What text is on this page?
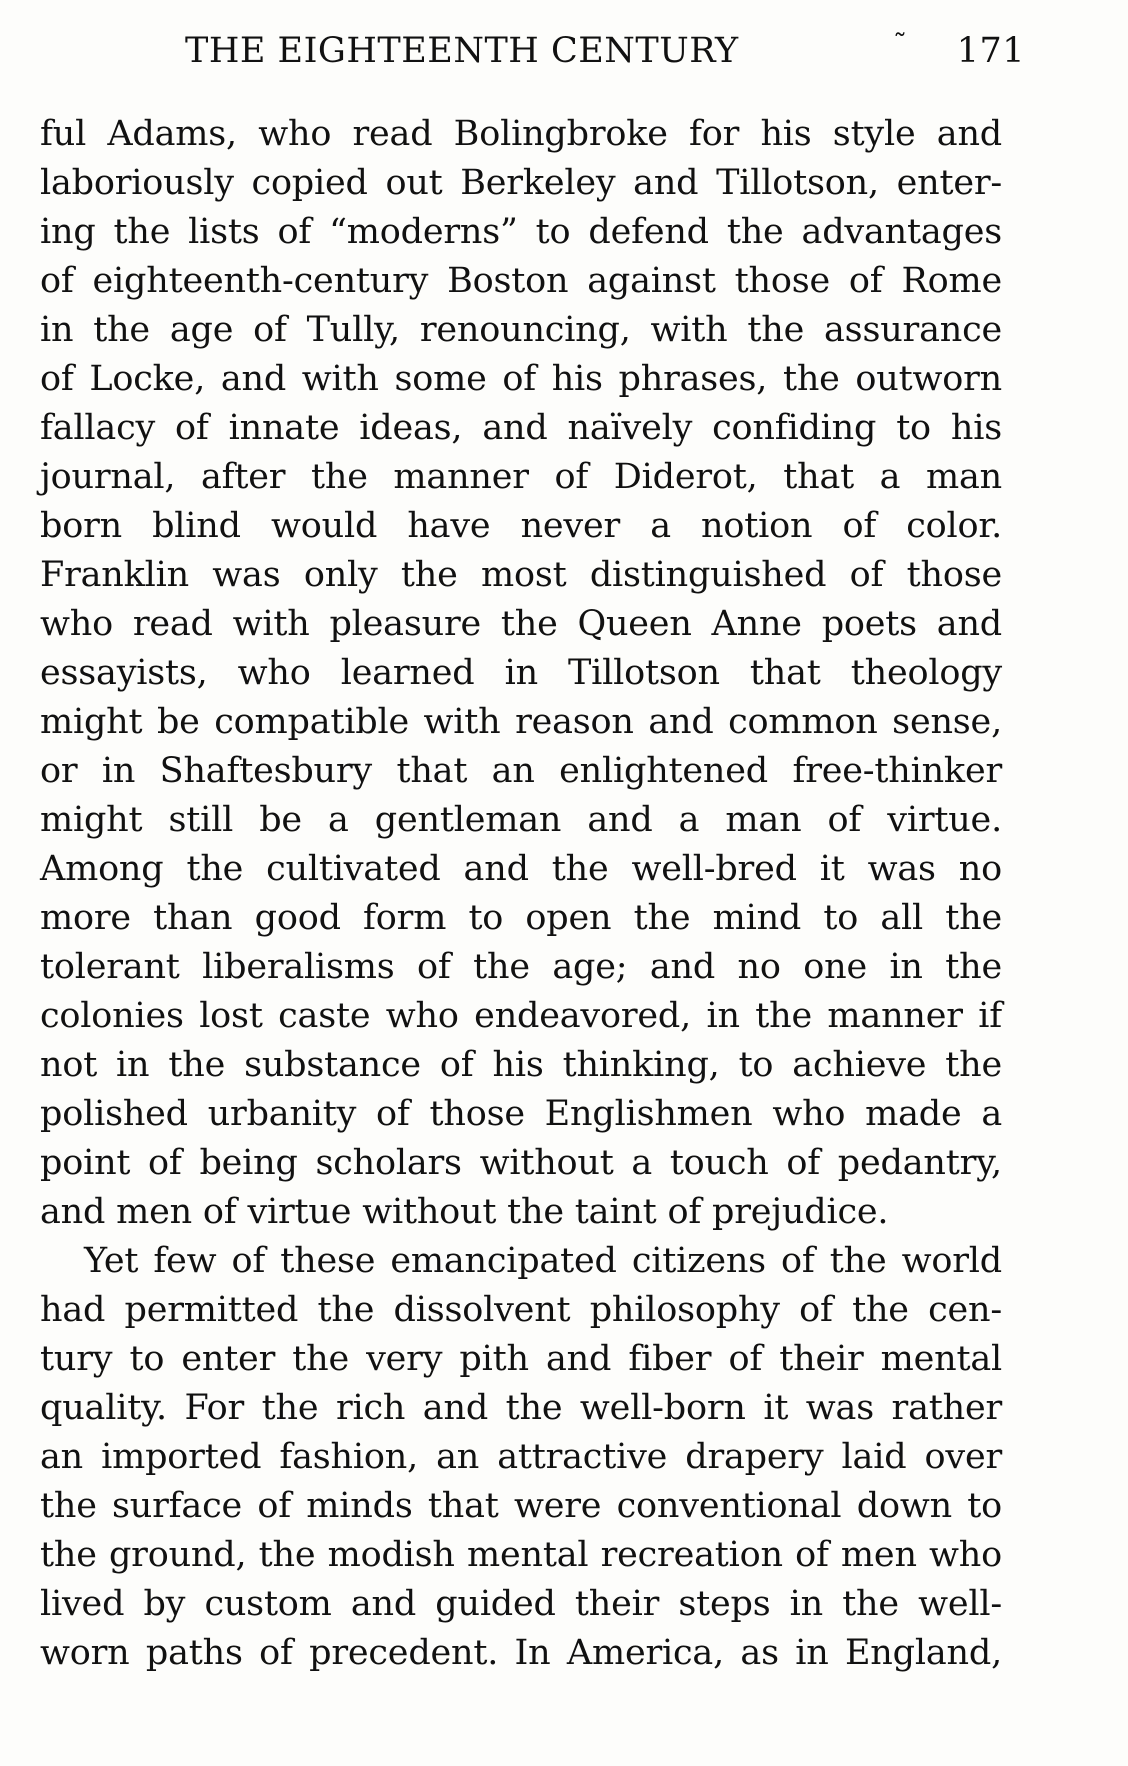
THE EIGHTEENTH CENTURY	˜ 171
ful Adams, who read Bolingbroke for his style and
laboriously copied out Berkeley and Tillotson, enter-
ing the lists of “moderns” to defend the advantages
of eighteenth-century Boston against those of Rome
in the age of Tully, renouncing, with the assurance
of Locke, and with some of his phrases, the outworn
fallacy of innate ideas, and naïvely confiding to his
journal, after the manner of Diderot, that a man
born blind would have never a notion of color.
Franklin was only the most distinguished of those
who read with pleasure the Queen Anne poets and
essayists, who learned in Tillotson that theology
might be compatible with reason and common sense,
or in Shaftesbury that an enlightened free-thinker
might still be a gentleman and a man of virtue.
Among the cultivated and the well-bred it was no
more than good form to open the mind to all the
tolerant liberalisms of the age; and no one in the
colonies lost caste who endeavored, in the manner if
not in the substance of his thinking, to achieve the
polished urbanity of those Englishmen who made a
point of being scholars without a touch of pedantry,
and men of virtue without the taint of prejudice.
Yet few of these emancipated citizens of the world
had permitted the dissolvent philosophy of the cen-
tury to enter the very pith and fiber of their mental
quality. For the rich and the well-born it was rather
an imported fashion, an attractive drapery laid over
the surface of minds that were conventional down to
the ground, the modish mental recreation of men who
lived by custom and guided their steps in the well-
worn paths of precedent. In America, as in England,
